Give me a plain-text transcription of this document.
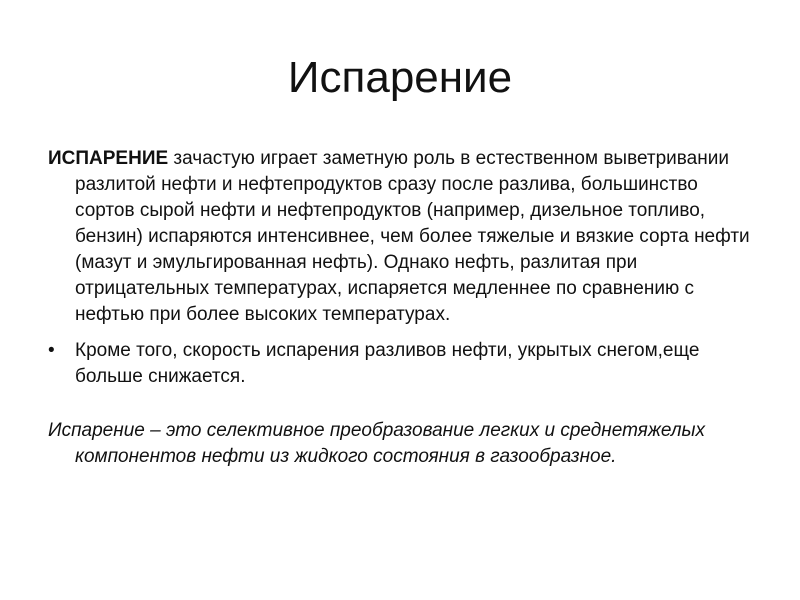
Испарение

ИСПАРЕНИЕ зачастую играет заметную роль в естественном выветривании разлитой нефти и нефтепродуктов сразу после разлива, большинство сортов сырой нефти и нефтепродуктов (например, дизельное топливо, бензин) испаряются интенсивнее, чем более тяжелые и вязкие сорта нефти (мазут и эмульгированная нефть). Однако нефть, разлитая при отрицательных температурах, испаряется медленнее по сравнению с нефтью при более высоких температурах.

•	Кроме того, скорость испарения разливов нефти, укрытых снегом,еще больше снижается.

Испарение – это селективное преобразование легких и среднетяжелых компонентов нефти из жидкого состояния в газообразное.
